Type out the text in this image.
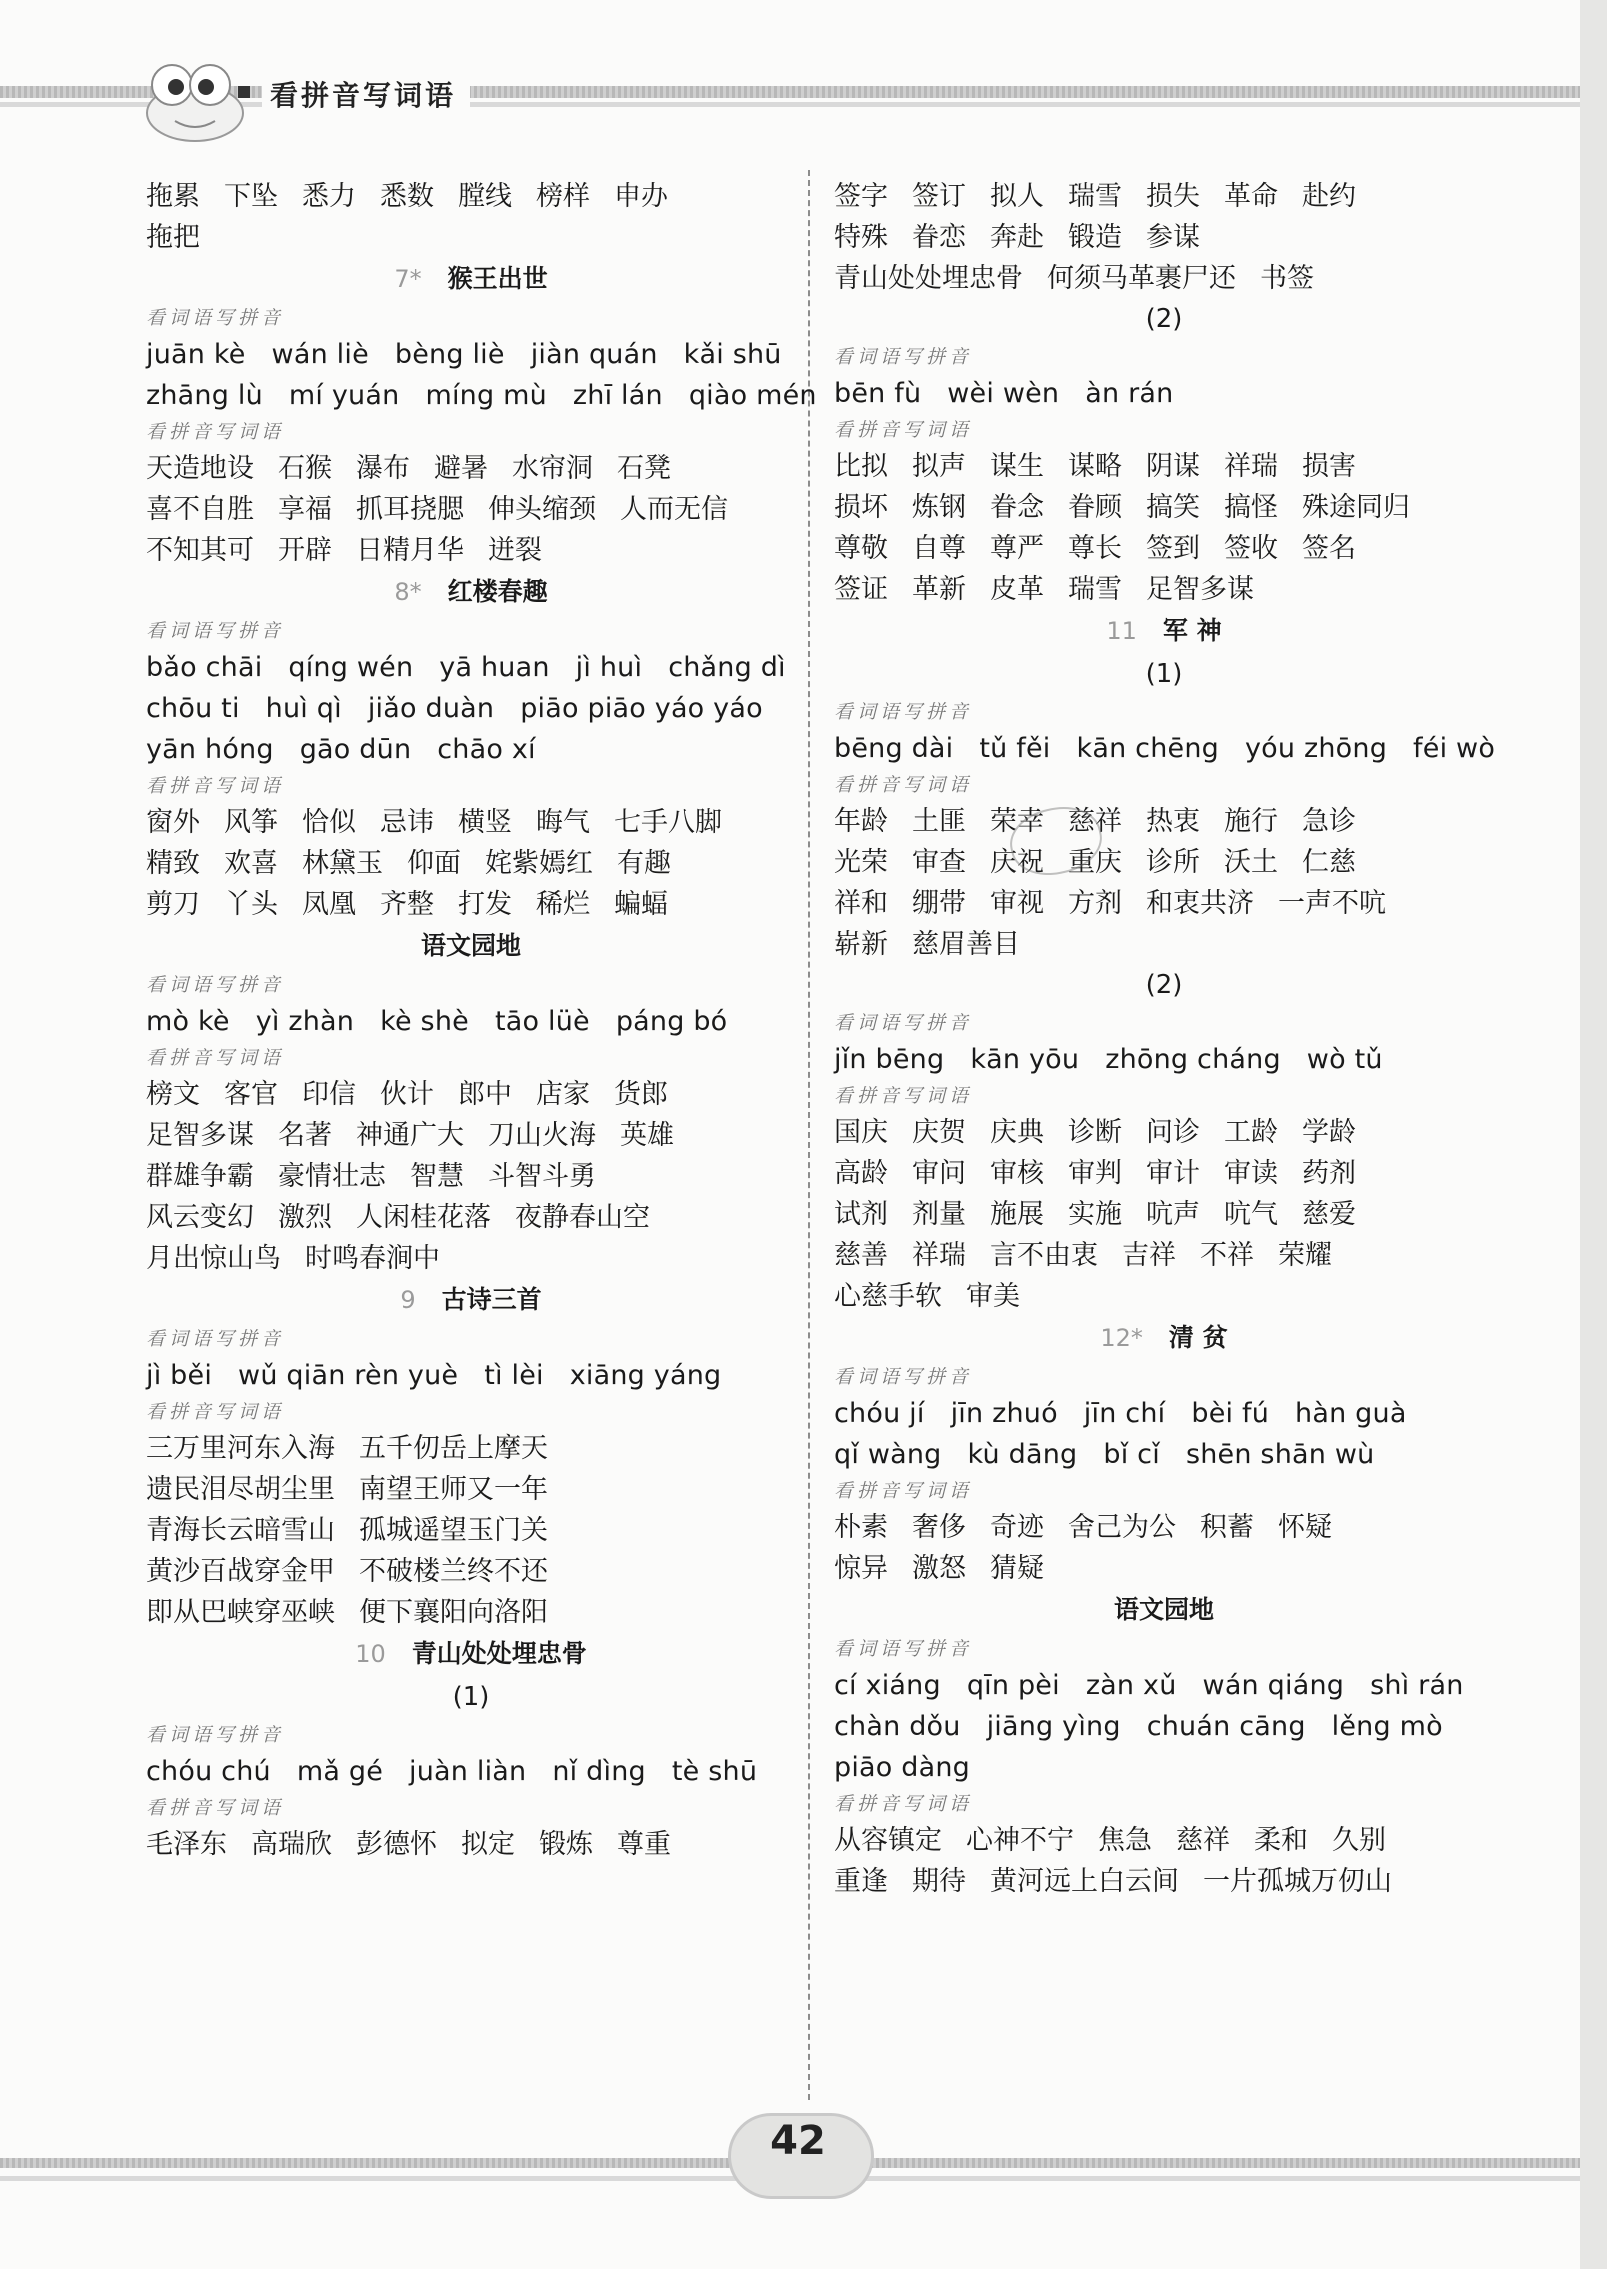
看拼音写词语
拖累 下坠 悉力 悉数 膛线 榜样 申办
拖把
7* 猴王出世
看词语写拼音
juān kè wán liè bèng liè jiàn quán kǎi shū
zhāng lù mí yuán míng mù zhī lán qiào mén
看拼音写词语
天造地设 石猴 瀑布 避暑 水帘洞 石凳
喜不自胜 享福 抓耳挠腮 伸头缩颈 人而无信
不知其可 开辟 日精月华 迸裂
8* 红楼春趣
看词语写拼音
bǎo chāi qíng wén yā huan jì huì chǎng dì
chōu ti huì qì jiǎo duàn piāo piāo yáo yáo
yān hóng gāo dūn chāo xí
看拼音写词语
窗外 风筝 恰似 忌讳 横竖 晦气 七手八脚
精致 欢喜 林黛玉 仰面 姹紫嫣红 有趣
剪刀 丫头 凤凰 齐整 打发 稀烂 蝙蝠
语文园地
看词语写拼音
mò kè yì zhàn kè shè tāo lüè páng bó
看拼音写词语
榜文 客官 印信 伙计 郎中 店家 货郎
足智多谋 名著 神通广大 刀山火海 英雄
群雄争霸 豪情壮志 智慧 斗智斗勇
风云变幻 激烈 人闲桂花落 夜静春山空
月出惊山鸟 时鸣春涧中
9 古诗三首
看词语写拼音
jì běi wǔ qiān rèn yuè tì lèi xiāng yáng
看拼音写词语
三万里河东入海 五千仞岳上摩天
遗民泪尽胡尘里 南望王师又一年
青海长云暗雪山 孤城遥望玉门关
黄沙百战穿金甲 不破楼兰终不还
即从巴峡穿巫峡 便下襄阳向洛阳
10 青山处处埋忠骨
(1)
看词语写拼音
chóu chú mǎ gé juàn liàn nǐ dìng tè shū
看拼音写词语
毛泽东 高瑞欣 彭德怀 拟定 锻炼 尊重
签字 签订 拟人 瑞雪 损失 革命 赴约
特殊 眷恋 奔赴 锻造 参谋
青山处处埋忠骨 何须马革裹尸还 书签
(2)
看词语写拼音
bēn fù wèi wèn àn rán
看拼音写词语
比拟 拟声 谋生 谋略 阴谋 祥瑞 损害
损坏 炼钢 眷念 眷顾 搞笑 搞怪 殊途同归
尊敬 自尊 尊严 尊长 签到 签收 签名
签证 革新 皮革 瑞雪 足智多谋
11 军 神
(1)
看词语写拼音
bēng dài tǔ fěi kān chēng yóu zhōng féi wò
看拼音写词语
年龄 土匪 荣幸 慈祥 热衷 施行 急诊
光荣 审查 庆祝 重庆 诊所 沃土 仁慈
祥和 绷带 审视 方剂 和衷共济 一声不吭
崭新 慈眉善目
(2)
看词语写拼音
jǐn bēng kān yōu zhōng cháng wò tǔ
看拼音写词语
国庆 庆贺 庆典 诊断 问诊 工龄 学龄
高龄 审问 审核 审判 审计 审读 药剂
试剂 剂量 施展 实施 吭声 吭气 慈爱
慈善 祥瑞 言不由衷 吉祥 不祥 荣耀
心慈手软 审美
12* 清 贫
看词语写拼音
chóu jí jīn zhuó jīn chí bèi fú hàn guà
qǐ wàng kù dāng bǐ cǐ shēn shān wù
看拼音写词语
朴素 奢侈 奇迹 舍己为公 积蓄 怀疑
惊异 激怒 猜疑
语文园地
看词语写拼音
cí xiáng qīn pèi zàn xǔ wán qiáng shì rán
chàn dǒu jiāng yìng chuán cāng lěng mò
piāo dàng
看拼音写词语
从容镇定 心神不宁 焦急 慈祥 柔和 久别
重逢 期待 黄河远上白云间 一片孤城万仞山
42
